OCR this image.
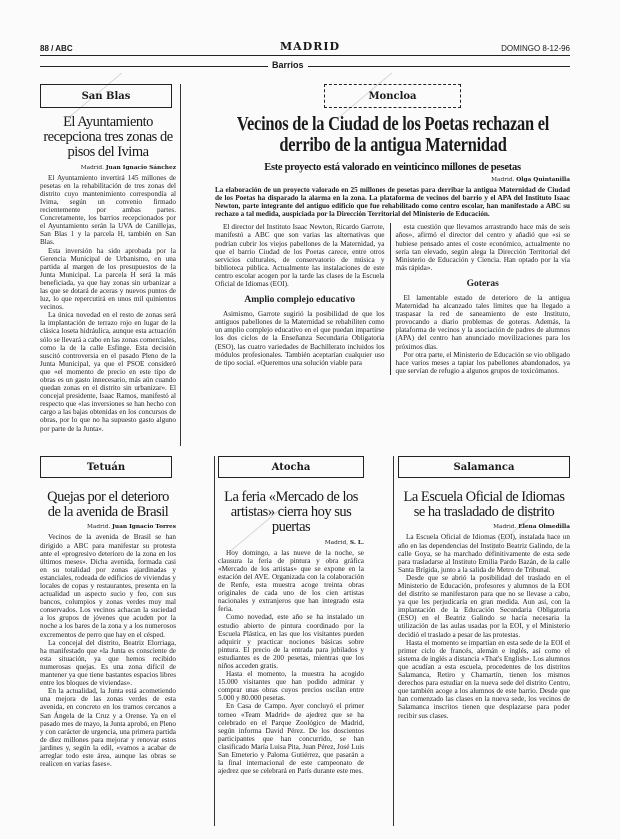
88 / ABC	MADRID	DOMINGO 8-12-96
Barrios
San Blas
El Ayuntamiento recepciona tres zonas de pisos del Ivima
Madrid. Juan Ignacio Sánchez

El Ayuntamiento invertirá 145 millones de pesetas en la rehabilitación de tres zonas del distrito cuyo mantenimiento correspondía al Ivima, según un convenio firmado recientemente por ambas partes. Concretamente, los barrios recepcionados por el Ayuntamiento serán la UVA de Canillejas, San Blas 1 y la parcela H, también en San Blas.

Esta inversión ha sido aprobada por la Gerencia Municipal de Urbanismo, en una partida al margen de los presupuestos de la Junta Municipal. La parcela H será la más beneficiada, ya que hay zonas sin urbanizar a las que se dotará de aceras y nuevos puntos de luz, lo que repercutirá en unos mil quinientos vecinos.

La única novedad en el resto de zonas será la implantación de terrazo rojo en lugar de la clásica loseta hidráulica, aunque esta actuación sólo se llevará a cabo en las zonas comerciales, como la de la calle Esfinge. Esta decisión suscitó controversia en el pasado Pleno de la Junta Municipal, ya que el PSOE consideró que «el momento de precio en este tipo de obras es un gasto innecesario, más aún cuando quedan zonas en el distrito sin urbanizar». El concejal presidente, Isaac Ramos, manifestó al respecto que «las inversiones se han hecho con cargo a las bajas obtenidas en los concursos de obras, por lo que no ha supuesto gasto alguno por parte de la Junta».

Moncloa
Vecinos de la Ciudad de los Poetas rechazan el derribo de la antigua Maternidad
Este proyecto está valorado en veinticinco millones de pesetas
Madrid. Olga Quintanilla

La elaboración de un proyecto valorado en 25 millones de pesetas para derribar la antigua Maternidad de Ciudad de los Poetas ha disparado la alarma en la zona. La plataforma de vecinos del barrio y el APA del Instituto Isaac Newton, parte integrante del antiguo edificio que fue rehabilitado como centro escolar, han manifestado a ABC su rechazo a tal medida, auspiciada por la Dirección Territorial del Ministerio de Educación.

El director del Instituto Isaac Newton, Ricardo Garrote, manifestó a ABC que son varias las alternativas que podrían cubrir los viejos pabellones de la Maternidad, ya que el barrio Ciudad de los Poetas carece, entre otros servicios culturales, de conservatorio de música y biblioteca pública. Actualmente las instalaciones de este centro escolar acogen por la tarde las clases de la Escuela Oficial de Idiomas (EOI).

Amplio complejo educativo

Asimismo, Garrote sugirió la posibilidad de que los antiguos pabellones de la Maternidad se rehabiliten como un amplio complejo educativo en el que puedan impartirse los dos ciclos de la Enseñanza Secundaria Obligatoria (ESO), las cuatro variedades de Bachillerato incluidos los módulos profesionales. También aceptarían cualquier uso de tipo social. «Queremos una solución viable para

esta cuestión que llevamos arrastrando hace más de seis años», afirmó el director del centro y añadió que «si se hubiese pensado antes el coste económico, actualmente no sería tan elevado, según alega la Dirección Territorial del Ministerio de Educación y Ciencia. Han optado por la vía más rápida».

Goteras

El lamentable estado de deterioro de la antigua Maternidad ha alcanzado tales límites que ha llegado a traspasar la red de saneamiento de este Instituto, provocando a diario problemas de goteras. Además, la plataforma de vecinos y la asociación de padres de alumnos (APA) del centro han anunciado movilizaciones para los próximos días.

Por otra parte, el Ministerio de Educación se vio obligado hace varios meses a tapiar los pabellones abandonados, ya que servían de refugio a algunos grupos de toxicómanos.

Tetuán
Quejas por el deterioro de la avenida de Brasil
Madrid. Juan Ignacio Torres

Vecinos de la avenida de Brasil se han dirigido a ABC para manifestar su protesta ante el «progresivo deterioro de la zona en los últimos meses». Dicha avenida, formada casi en su totalidad por zonas ajardinadas y estanciales, rodeada de edificios de viviendas y locales de copas y restaurantes, presenta en la actualidad un aspecto sucio y feo, con sus bancos, columpios y zonas verdes muy mal conservados. Los vecinos achacan la suciedad a los grupos de jóvenes que acuden por la noche a los bares de la zona y a los numerosos excrementos de perro que hay en el césped.

La concejal del distrito, Beatriz Elorriaga, ha manifestado que «la Junta es consciente de esta situación, ya que hemos recibido numerosas quejas. Es una zona difícil de mantener ya que tiene bastantes espacios libres entre los bloques de viviendas».

En la actualidad, la Junta está acometiendo una mejora de las zonas verdes de esta avenida, en concreto en los tramos cercanos a San Ángela de la Cruz y a Orense. Ya en el pasado mes de mayo, la Junta aprobó, en Pleno y con carácter de urgencia, una primera partida de diez millones para mejorar y renovar estos jardines y, según la edil, «vamos a acabar de arreglar todo este área, aunque las obras se realicen en varias fases».

Atocha
La feria «Mercado de los artistas» cierra hoy sus puertas
Madrid, S. L.

Hoy domingo, a las nueve de la noche, se clausura la feria de pintura y obra gráfica «Mercado de los artistas» que se expone en la estación del AVE. Organizada con la colaboración de Renfe, esta muestra acoge treinta obras originales de cada uno de los cien artistas nacionales y extranjeros que han integrado esta feria.

Como novedad, este año se ha instalado un estudio abierto de pintura coordinado por la Escuela Plástica, en las que los visitantes pueden adquirir y practicar nociones básicas sobre pintura. El precio de la entrada para jubilados y estudiantes es de 200 pesetas, mientras que los niños acceden gratis.

Hasta el momento, la muestra ha acogido 15.000 visitantes que han podido admirar y comprar unas obras cuyos precios oscilan entre 5.000 y 80.000 pesetas.

En Casa de Campo. Ayer concluyó el primer torneo «Team Madrid» de ajedrez que se ha celebrado en el Parque Zoológico de Madrid, según informa David Pérez. De los doscientos participantes que han concurrido, se han clasificado María Luisa Pita, Juan Pérez, José Luis San Emeterio y Paloma Gutiérrez, que pasarán a la final internacional de este campeonato de ajedrez que se celebrará en París durante este mes.

Salamanca
La Escuela Oficial de Idiomas se ha trasladado de distrito
Madrid. Elena Olmedilla

La Escuela Oficial de Idiomas (EOI), instalada hace un año en las dependencias del Instituto Beatriz Galindo, de la calle Goya, se ha marchado definitivamente de esta sede para trasladarse al Instituto Emilia Pardo Bazán, de la calle Santa Brígida, junto a la salida de Metro de Tribunal.

Desde que se abrió la posibilidad del traslado en el Ministerio de Educación, profesores y alumnos de la EOI del distrito se manifestaron para que no se llevase a cabo, ya que les perjudicaría en gran medida. Aun así, con la implantación de la Educación Secundaria Obligatoria (ESO) en el Beatriz Galindo se hacía necesaria la utilización de las aulas usadas por la EOI, y el Ministerio decidió el traslado a pesar de las protestas.

Hasta el momento se impartían en esta sede de la EOI el primer ciclo de francés, alemán e inglés, así como el sistema de inglés a distancia «That's English». Los alumnos que acudían a esta escuela, procedentes de los distritos Salamanca, Retiro y Chamartín, tienen los mismos derechos para estudiar en la nueva sede del distrito Centro, que también acoge a los alumnos de este barrio. Desde que han comenzado las clases en la nueva sede, los vecinos de Salamanca inscritos tienen que desplazarse para poder recibir sus clases.
